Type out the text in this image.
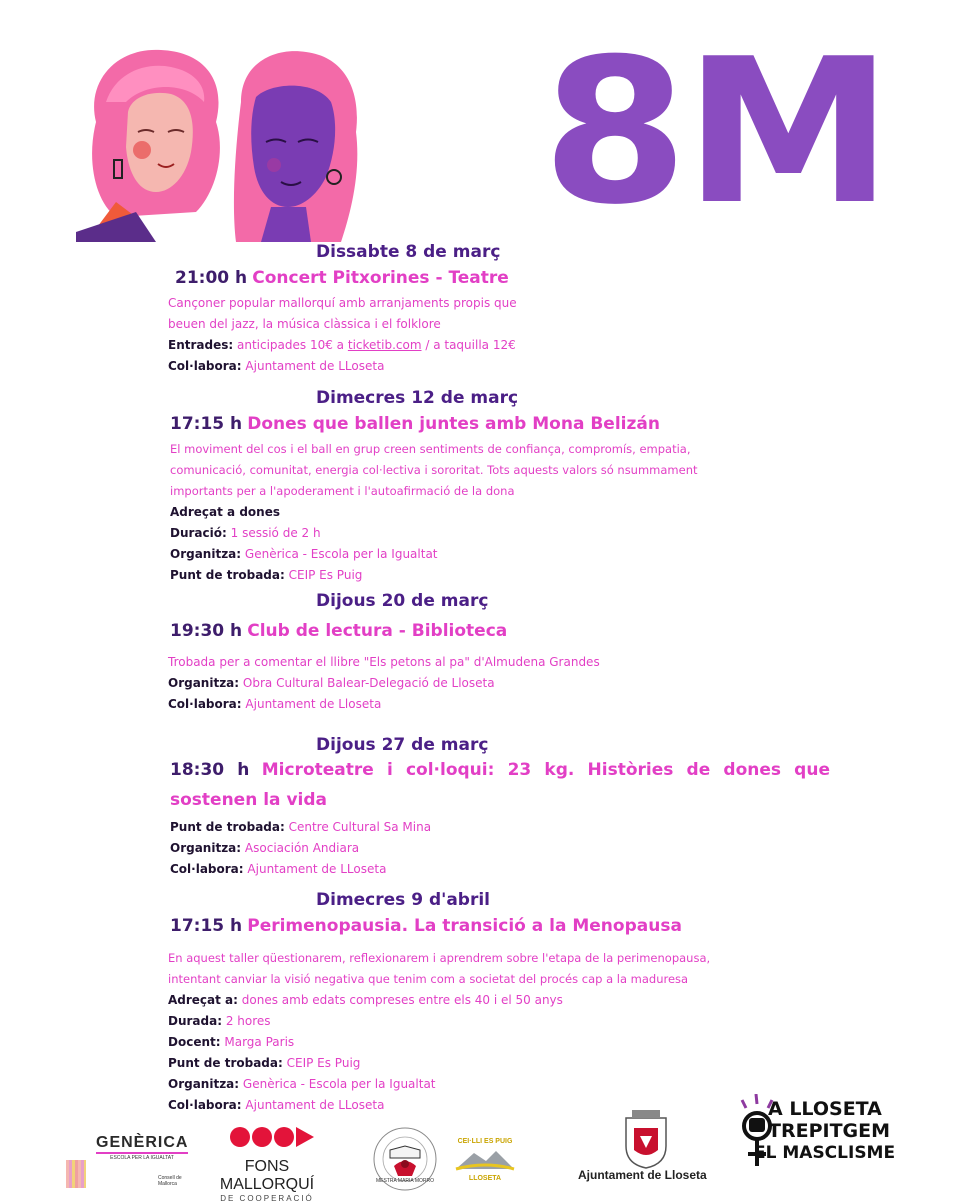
8M
Dissabte 8 de març
21:00 h Concert Pitxorines - Teatre
Cançoner popular mallorquí amb arranjaments propis que
beuen del jazz, la música clàssica i el folklore
Entrades: anticipades 10€ a ticketib.com / a taquilla 12€
Col·labora: Ajuntament de LLoseta
Dimecres 12 de març
17:15 h Dones que ballen juntes amb Mona Belizán
El moviment del cos i el ball en grup creen sentiments de confiança, compromís, empatia,
comunicació, comunitat, energia col·lectiva i sororitat. Tots aquests valors só nsummament
importants per a l'apoderament i l'autoafirmació de la dona
Adreçat a dones
Duració: 1 sessió de 2 h
Organitza: Genèrica - Escola per la Igualtat
Punt de trobada: CEIP Es Puig
Dijous 20 de març
19:30 h Club de lectura - Biblioteca
Trobada per a comentar el llibre "Els petons al pa" d'Almudena Grandes
Organitza: Obra Cultural Balear-Delegació de Lloseta
Col·labora: Ajuntament de Lloseta
Dijous 27 de març
18:30 h Microteatre i col·loqui: 23 kg. Històries de dones que
sostenen la vida
Punt de trobada: Centre Cultural Sa Mina
Organitza: Asociación Andiara
Col·labora: Ajuntament de LLoseta
Dimecres 9 d'abril
17:15 h Perimenopausia. La transició a la Menopausa
En aquest taller qüestionarem, reflexionarem i aprendrem sobre l'etapa de la perimenopausa,
intentant canviar la visió negativa que tenim com a societat del procés cap a la maduresa
Adreçat a: dones amb edats compreses entre els 40 i el 50 anys
Durada: 2 hores
Docent: Marga Paris
Punt de trobada: CEIP Es Puig
Organitza: Genèrica - Escola per la Igualtat
Col·labora: Ajuntament de LLoseta
GENÈRICA
ESCOLA PER LA IGUALTAT
Consell de Mallorca
FONS MALLORQUÍ
DE COOPERACIÓ
MESTRA MARIA MORRO
CEI·LLI ES PUIG
LLOSETA	Ajuntament de Lloseta
A LLOSETA
TREPITGEM
EL MASCLISME
